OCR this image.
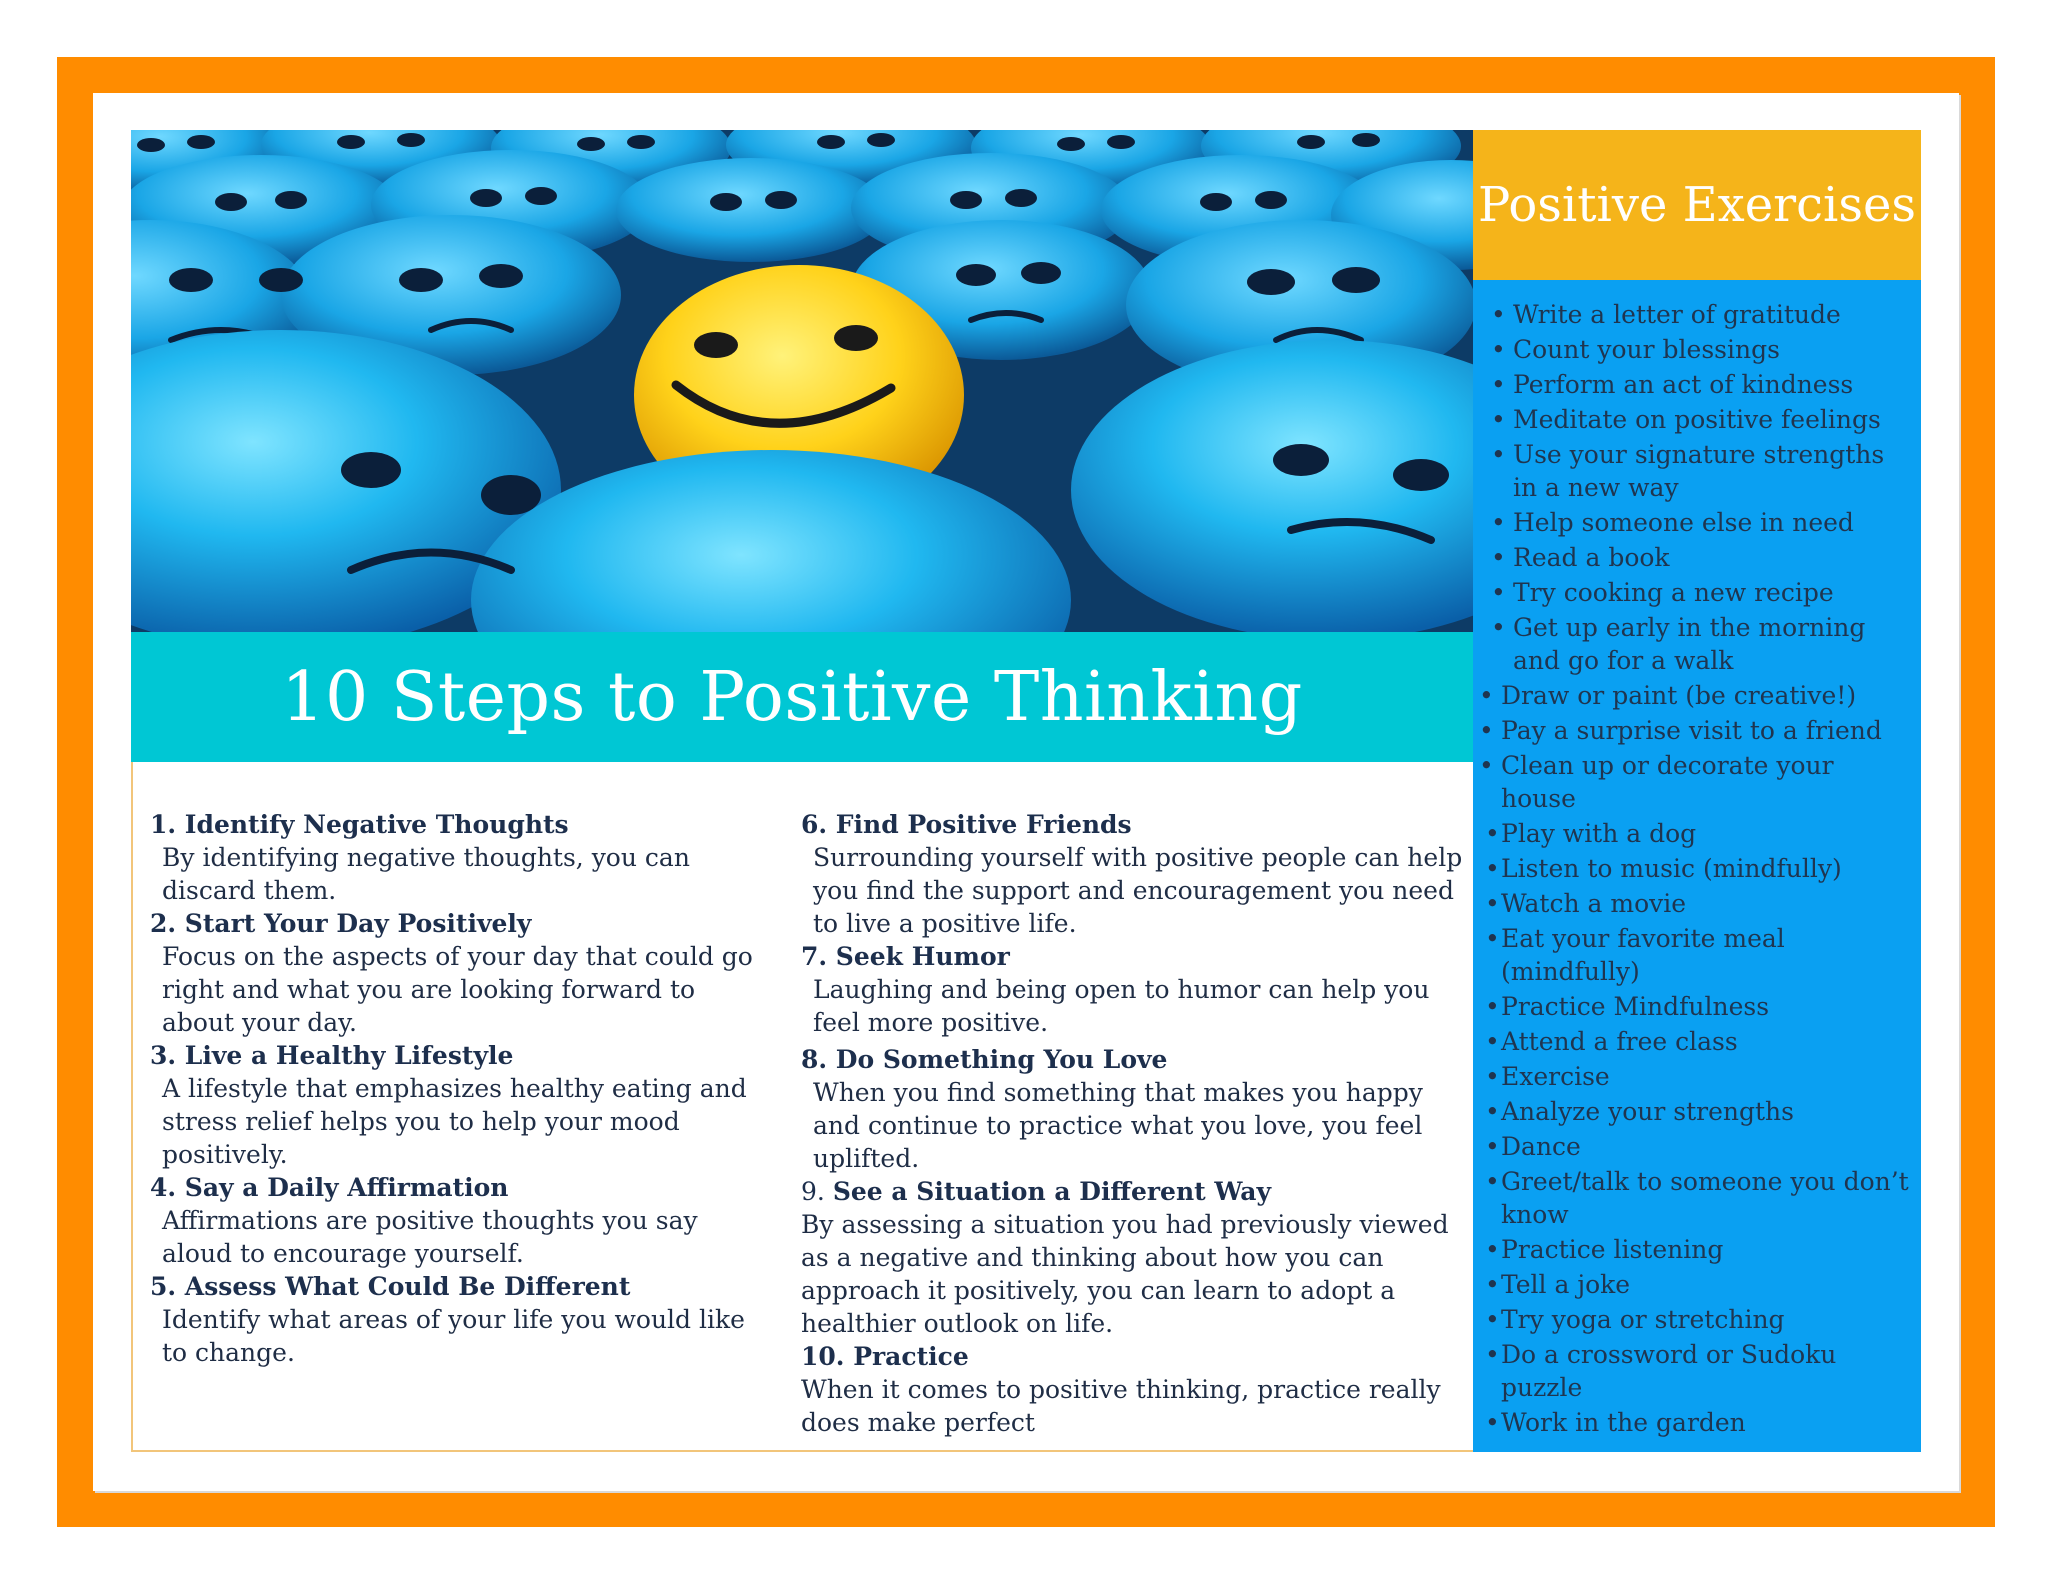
10 Steps to Positive Thinking
Positive Exercises
• Write a letter of gratitude
• Count your blessings
• Perform an act of kindness
• Meditate on positive feelings
• Use your signature strengths in a new way
• Help someone else in need
• Read a book
• Try cooking a new recipe
• Get up early in the morning and go for a walk
• Draw or paint (be creative!)
• Pay a surprise visit to a friend
• Clean up or decorate your house
• Play with a dog
• Listen to music (mindfully)
• Watch a movie
• Eat your favorite meal (mindfully)
• Practice Mindfulness
• Attend a free class
• Exercise
• Analyze your strengths
• Dance
• Greet/talk to someone you don’t know
• Practice listening
• Tell a joke
• Try yoga or stretching
• Do a crossword or Sudoku puzzle
• Work in the garden
1. Identify Negative Thoughts
By identifying negative thoughts, you can discard them.
2. Start Your Day Positively
Focus on the aspects of your day that could go right and what you are looking forward to about your day.
3. Live a Healthy Lifestyle
A lifestyle that emphasizes healthy eating and stress relief helps you to help your mood positively.
4. Say a Daily Affirmation
Affirmations are positive thoughts you say aloud to encourage yourself.
5. Assess What Could Be Different
Identify what areas of your life you would like to change.
6. Find Positive Friends
Surrounding yourself with positive people can help you find the support and encouragement you need to live a positive life.
7. Seek Humor
Laughing and being open to humor can help you feel more positive.
8. Do Something You Love
When you find something that makes you happy and continue to practice what you love, you feel uplifted.
9. See a Situation a Different Way
By assessing a situation you had previously viewed as a negative and thinking about how you can approach it positively, you can learn to adopt a healthier outlook on life.
10. Practice
When it comes to positive thinking, practice really does make perfect
